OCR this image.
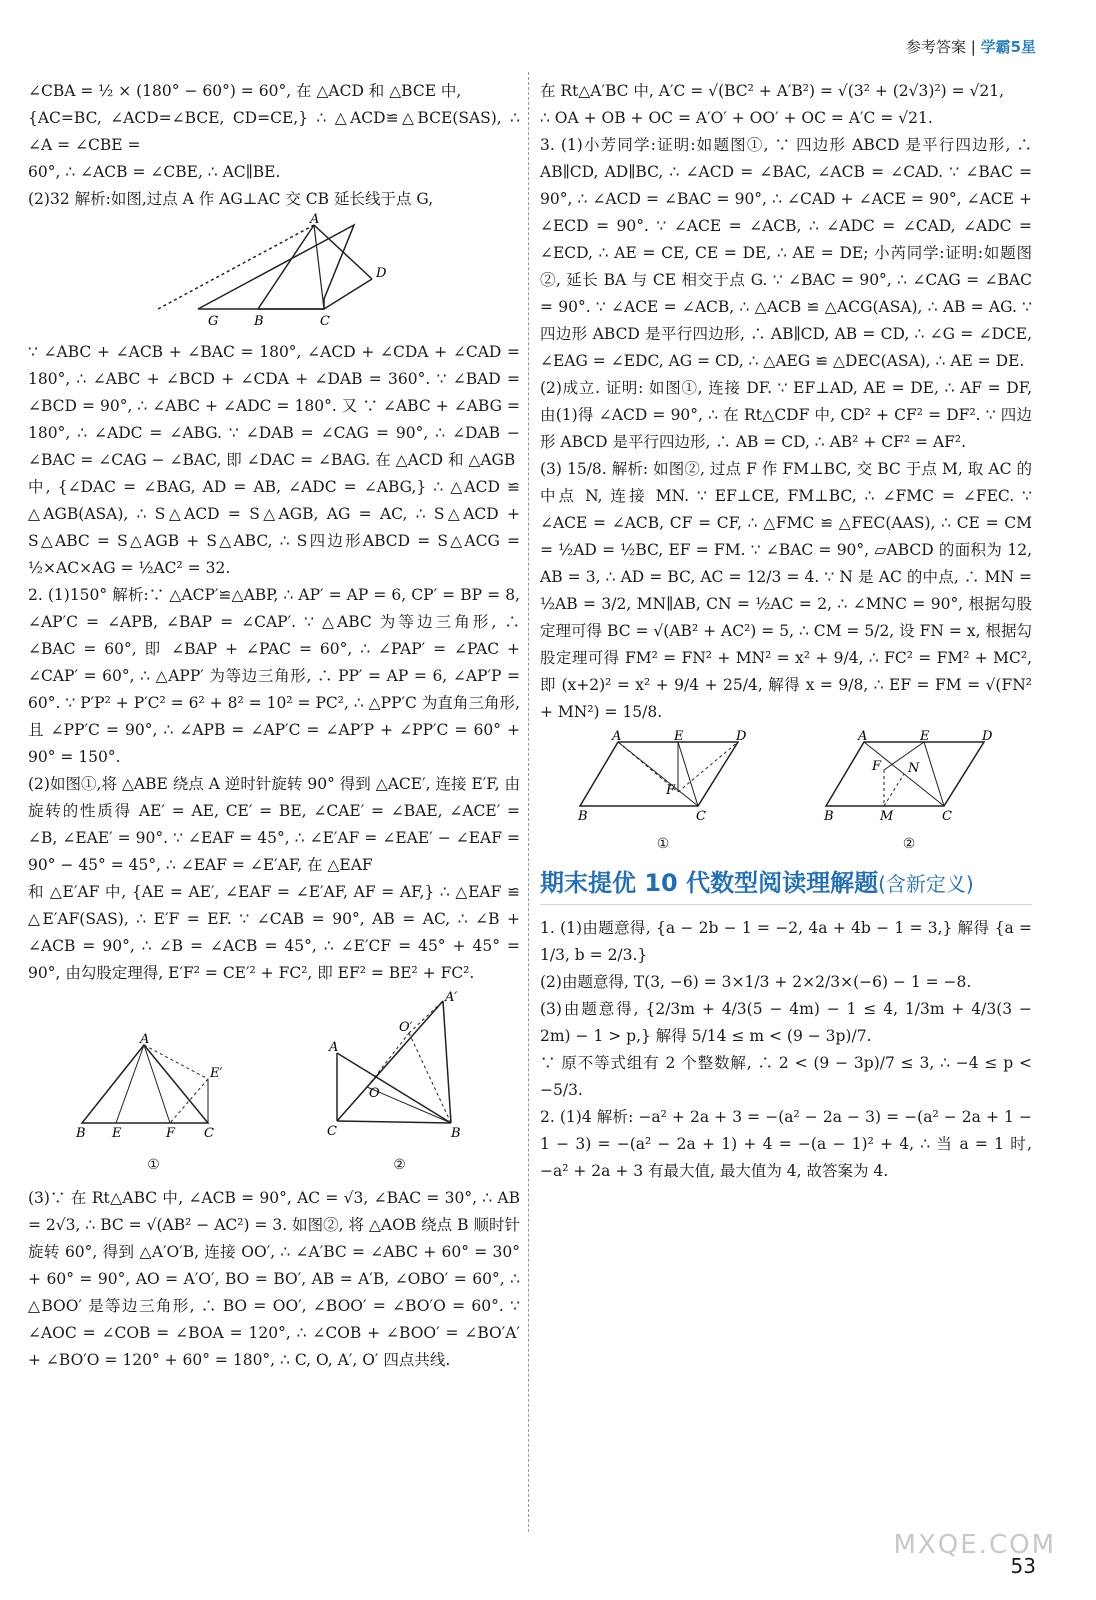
参考答案 | 学霸5星

∠CBA = ½ × (180° − 60°) = 60°, 在 △ACD 和 △BCE 中,

{AC=BC, ∠ACD=∠BCE, CD=CE,} ∴ △ACD≌△BCE(SAS), ∴ ∠A = ∠CBE =

60°, ∴ ∠ACB = ∠CBE, ∴ AC∥BE.

(2)32 解析:如图,过点 A 作 AG⊥AC 交 CB 延长线于点 G,

A
D
G	B	C

∵ ∠ABC + ∠ACB + ∠BAC = 180°, ∠ACD + ∠CDA + ∠CAD = 180°, ∴ ∠ABC + ∠BCD + ∠CDA + ∠DAB = 360°. ∵ ∠BAD = ∠BCD = 90°, ∴ ∠ABC + ∠ADC = 180°. 又 ∵ ∠ABC + ∠ABG = 180°, ∴ ∠ADC = ∠ABG. ∵ ∠DAB = ∠CAG = 90°, ∴ ∠DAB − ∠BAC = ∠CAG − ∠BAC, 即 ∠DAC = ∠BAG. 在 △ACD 和 △AGB

中, {∠DAC = ∠BAG, AD = AB, ∠ADC = ∠ABG,} ∴ △ACD ≌ △AGB(ASA), ∴ S△ACD = S△AGB, AG = AC, ∴ S△ACD + S△ABC = S△AGB + S△ABC, ∴ S四边形ABCD = S△ACG = ½×AC×AG = ½AC² = 32.

2. (1)150° 解析:∵ △ACP′≌△ABP, ∴ AP′ = AP = 6, CP′ = BP = 8, ∠AP′C = ∠APB, ∠BAP = ∠CAP′. ∵ △ABC 为等边三角形, ∴ ∠BAC = 60°, 即 ∠BAP + ∠PAC = 60°, ∴ ∠PAP′ = ∠PAC + ∠CAP′ = 60°, ∴ △APP′ 为等边三角形, ∴ PP′ = AP = 6, ∠AP′P = 60°. ∵ P′P² + P′C² = 6² + 8² = 10² = PC², ∴ △PP′C 为直角三角形, 且 ∠PP′C = 90°, ∴ ∠APB = ∠AP′C = ∠AP′P + ∠PP′C = 60° + 90° = 150°.

(2)如图①,将 △ABE 绕点 A 逆时针旋转 90° 得到 △ACE′, 连接 E′F, 由旋转的性质得 AE′ = AE, CE′ = BE, ∠CAE′ = ∠BAE, ∠ACE′ = ∠B, ∠EAE′ = 90°. ∵ ∠EAF = 45°, ∴ ∠E′AF = ∠EAE′ − ∠EAF = 90° − 45° = 45°, ∴ ∠EAF = ∠E′AF, 在 △EAF

和 △E′AF 中, {AE = AE′, ∠EAF = ∠E′AF, AF = AF,} ∴ △EAF ≌ △E′AF(SAS), ∴ E′F = EF. ∵ ∠CAB = 90°, AB = AC, ∴ ∠B + ∠ACB = 90°, ∴ ∠B = ∠ACB = 45°, ∴ ∠E′CF = 45° + 45° = 90°, 由勾股定理得, E′F² = CE′² + FC², 即 EF² = BE² + FC².

A
E′
B E	F C
①
A′
O′
A
O
C	B
②

(3)∵ 在 Rt△ABC 中, ∠ACB = 90°, AC = √3, ∠BAC = 30°, ∴ AB = 2√3, ∴ BC = √(AB² − AC²) = 3. 如图②, 将 △AOB 绕点 B 顺时针旋转 60°, 得到 △A′O′B, 连接 OO′, ∴ ∠A′BC = ∠ABC + 60° = 30° + 60° = 90°, AO = A′O′, BO = BO′, AB = A′B, ∠OBO′ = 60°, ∴ △BOO′ 是等边三角形, ∴ BO = OO′, ∠BOO′ = ∠BO′O = 60°. ∵ ∠AOC = ∠COB = ∠BOA = 120°, ∴ ∠COB + ∠BOO′ = ∠BO′A′ + ∠BO′O = 120° + 60° = 180°, ∴ C, O, A′, O′ 四点共线.

在 Rt△A′BC 中, A′C = √(BC² + A′B²) = √(3² + (2√3)²) = √21,

∴ OA + OB + OC = A′O′ + OO′ + OC = A′C = √21.

3. (1)小芳同学:证明:如题图①, ∵ 四边形 ABCD 是平行四边形, ∴ AB∥CD, AD∥BC, ∴ ∠ACD = ∠BAC, ∠ACB = ∠CAD. ∵ ∠BAC = 90°, ∴ ∠ACD = ∠BAC = 90°, ∴ ∠CAD + ∠ACE = 90°, ∠ACE + ∠ECD = 90°. ∵ ∠ACE = ∠ACB, ∴ ∠ADC = ∠CAD, ∠ADC = ∠ECD, ∴ AE = CE, CE = DE, ∴ AE = DE; 小芮同学:证明:如题图②, 延长 BA 与 CE 相交于点 G. ∵ ∠BAC = 90°, ∴ ∠CAG = ∠BAC = 90°. ∵ ∠ACE = ∠ACB, ∴ △ACB ≌ △ACG(ASA), ∴ AB = AG. ∵ 四边形 ABCD 是平行四边形, ∴ AB∥CD, AB = CD, ∴ ∠G = ∠DCE, ∠EAG = ∠EDC, AG = CD, ∴ △AEG ≌ △DEC(ASA), ∴ AE = DE.

(2)成立. 证明: 如图①, 连接 DF. ∵ EF⊥AD, AE = DE, ∴ AF = DF, 由(1)得 ∠ACD = 90°, ∴ 在 Rt△CDF 中, CD² + CF² = DF². ∵ 四边形 ABCD 是平行四边形, ∴ AB = CD, ∴ AB² + CF² = AF².

(3) 15/8. 解析: 如图②, 过点 F 作 FM⊥BC, 交 BC 于点 M, 取 AC 的中点 N, 连接 MN. ∵ EF⊥CE, FM⊥BC, ∴ ∠FMC = ∠FEC. ∵ ∠ACE = ∠ACB, CF = CF, ∴ △FMC ≌ △FEC(AAS), ∴ CE = CM = ½AD = ½BC, EF = FM. ∵ ∠BAC = 90°, ▱ABCD 的面积为 12, AB = 3, ∴ AD = BC, AC = 12/3 = 4. ∵ N 是 AC 的中点, ∴ MN = ½AB = 3/2, MN∥AB, CN = ½AC = 2, ∴ ∠MNC = 90°, 根据勾股定理可得 BC = √(AB² + AC²) = 5, ∴ CM = 5/2, 设 FN = x, 根据勾股定理可得 FM² = FN² + MN² = x² + 9/4, ∴ FC² = FM² + MC², 即 (x+2)² = x² + 9/4 + 25/4, 解得 x = 9/8, ∴ EF = FM = √(FN² + MN²) = 15/8.

A	E	D
F
B	C
①
A	E	D
F N
B	M	C
②
期末提优 10 代数型阅读理解题(含新定义)

1. (1)由题意得, {a − 2b − 1 = −2, 4a + 4b − 1 = 3,} 解得 {a = 1/3, b = 2/3.}

(2)由题意得, T(3, −6) = 3×1/3 + 2×2/3×(−6) − 1 = −8.

(3)由题意得, {2/3m + 4/3(5 − 4m) − 1 ≤ 4, 1/3m + 4/3(3 − 2m) − 1 > p,} 解得 5/14 ≤ m < (9 − 3p)/7.

∵ 原不等式组有 2 个整数解, ∴ 2 < (9 − 3p)/7 ≤ 3, ∴ −4 ≤ p < −5/3.

2. (1)4 解析: −a² + 2a + 3 = −(a² − 2a − 3) = −(a² − 2a + 1 − 1 − 3) = −(a² − 2a + 1) + 4 = −(a − 1)² + 4, ∴ 当 a = 1 时, −a² + 2a + 3 有最大值, 最大值为 4, 故答案为 4.

MXQE.COM
53
